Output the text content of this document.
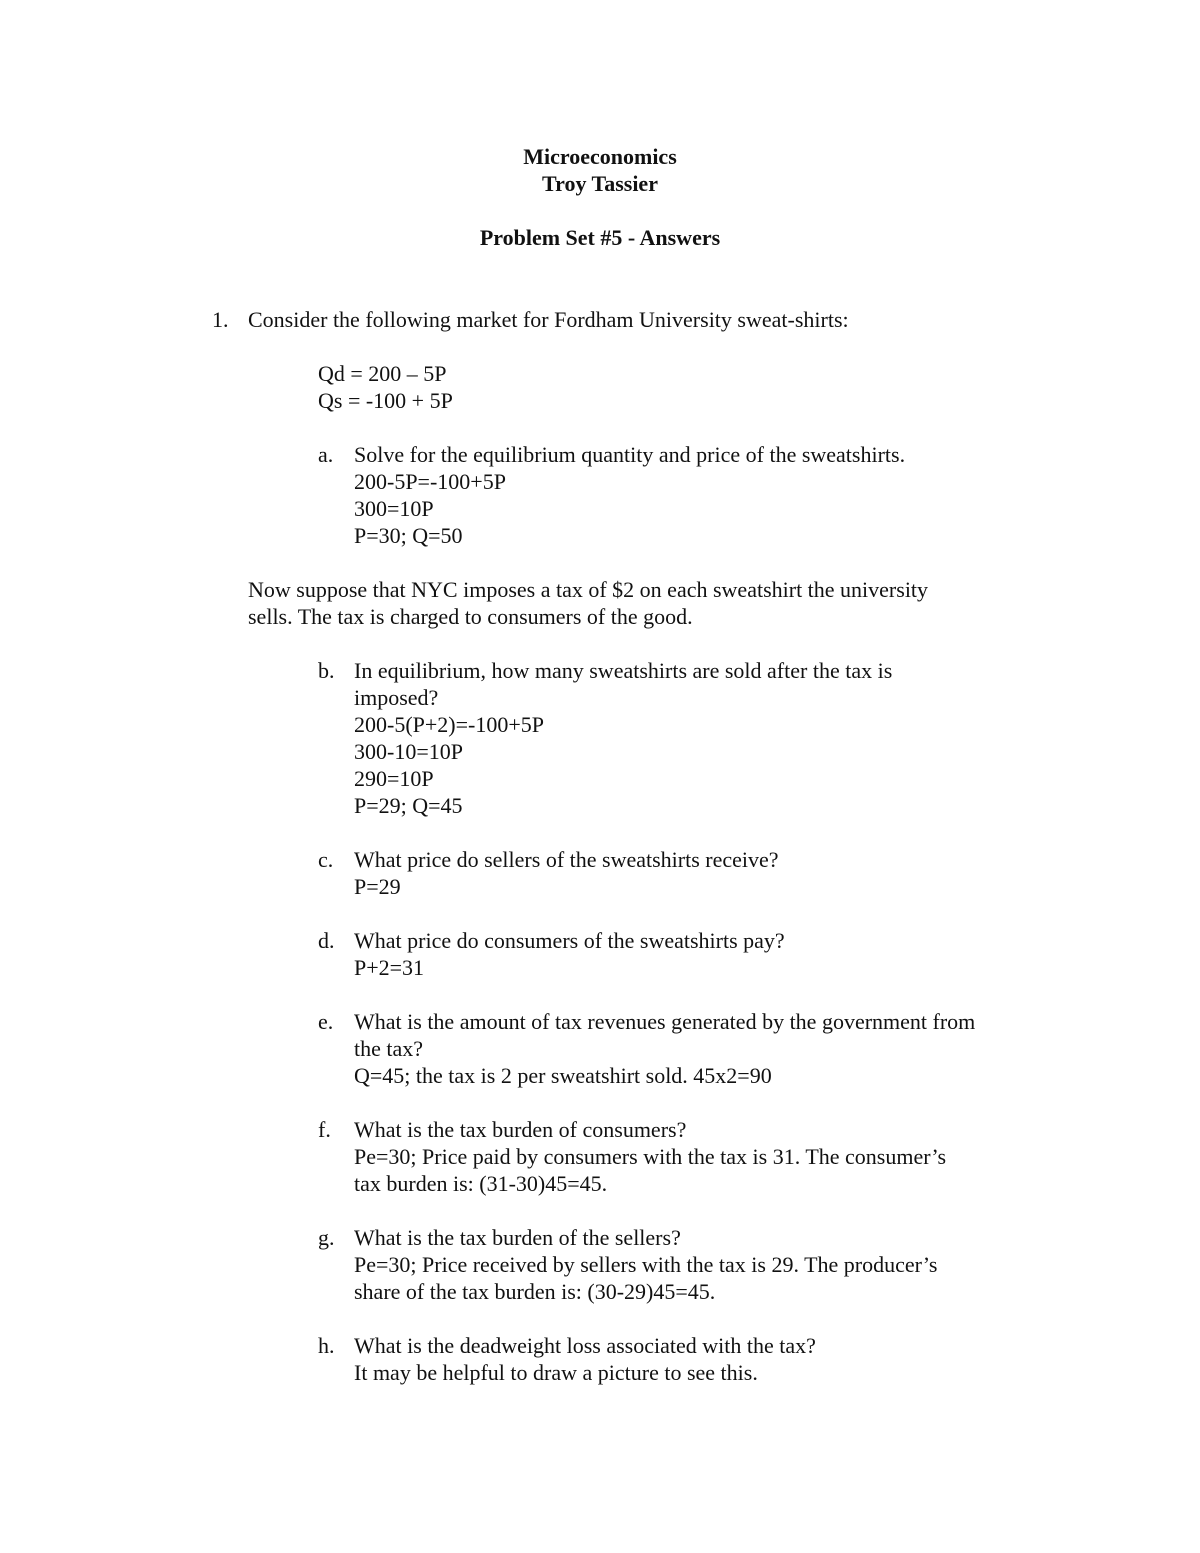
Microeconomics
Troy Tassier
Problem Set #5 - Answers
1. Consider the following market for Fordham University sweat-shirts:
Qd = 200 – 5P
Qs = -100 + 5P
a. Solve for the equilibrium quantity and price of the sweatshirts.
200-5P=-100+5P
300=10P
P=30; Q=50
Now suppose that NYC imposes a tax of $2 on each sweatshirt the university
sells. The tax is charged to consumers of the good.
b. In equilibrium, how many sweatshirts are sold after the tax is
imposed?
200-5(P+2)=-100+5P
300-10=10P
290=10P
P=29; Q=45
c. What price do sellers of the sweatshirts receive?
P=29
d. What price do consumers of the sweatshirts pay?
P+2=31
e. What is the amount of tax revenues generated by the government from
the tax?
Q=45; the tax is 2 per sweatshirt sold. 45x2=90
f. What is the tax burden of consumers?
Pe=30; Price paid by consumers with the tax is 31. The consumer’s
tax burden is: (31-30)45=45.
g. What is the tax burden of the sellers?
Pe=30; Price received by sellers with the tax is 29. The producer’s
share of the tax burden is: (30-29)45=45.
h. What is the deadweight loss associated with the tax?
It may be helpful to draw a picture to see this.
